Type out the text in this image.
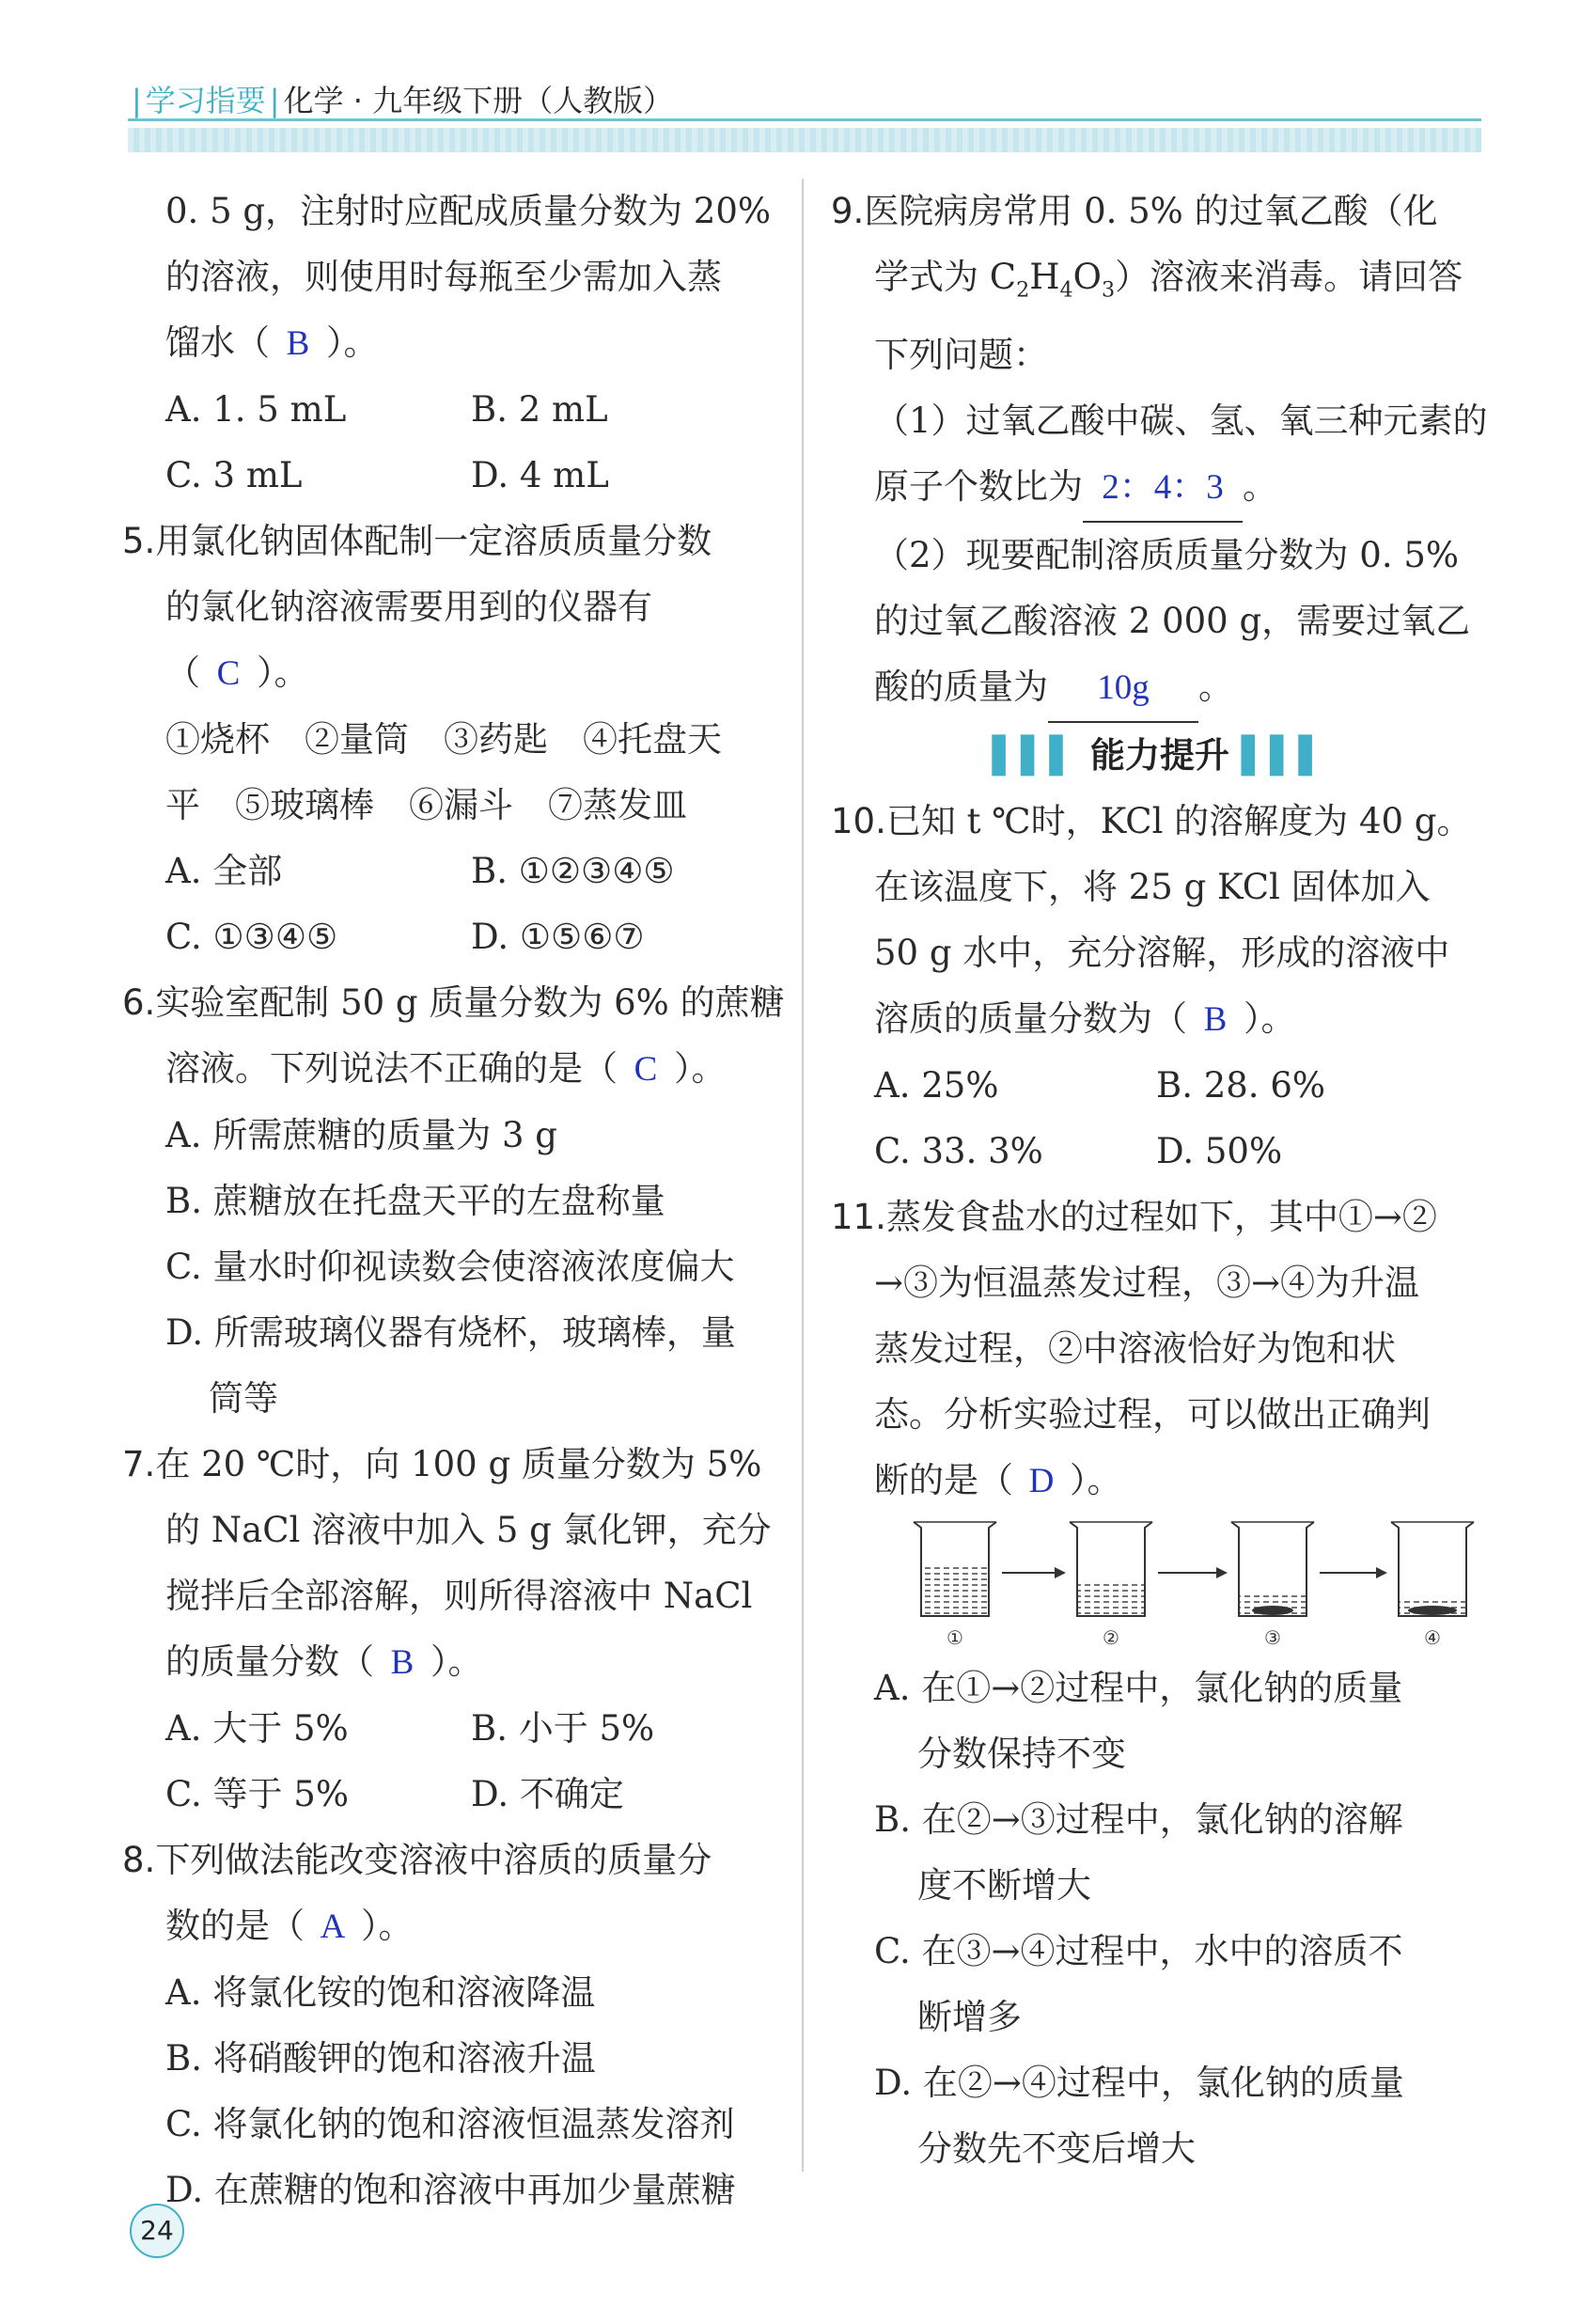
| 学习指要 | 化学 · 九年级下册（人教版）
0. 5 g，注射时应配成质量分数为 20%
的溶液，则使用时每瓶至少需加入蒸
馏水（ B ）。
A. 1. 5 mL	B. 2 mL
C. 3 mL	D. 4 mL
5.用氯化钠固体配制一定溶质质量分数
的氯化钠溶液需要用到的仪器有
（ C ）。
①烧杯　②量筒　③药匙　④托盘天
平　⑤玻璃棒　⑥漏斗　⑦蒸发皿
A. 全部	B. ①②③④⑤
C. ①③④⑤	D. ①⑤⑥⑦
6.实验室配制 50 g 质量分数为 6% 的蔗糖
溶液。下列说法不正确的是（ C ）。
A. 所需蔗糖的质量为 3 g
B. 蔗糖放在托盘天平的左盘称量
C. 量水时仰视读数会使溶液浓度偏大
D. 所需玻璃仪器有烧杯，玻璃棒，量
筒等
7.在 20 ℃时，向 100 g 质量分数为 5%
的 NaCl 溶液中加入 5 g 氯化钾，充分
搅拌后全部溶解，则所得溶液中 NaCl
的质量分数（ B ）。
A. 大于 5%	B. 小于 5%
C. 等于 5%	D. 不确定
8.下列做法能改变溶液中溶质的质量分
数的是（ A ）。
A. 将氯化铵的饱和溶液降温
B. 将硝酸钾的饱和溶液升温
C. 将氯化钠的饱和溶液恒温蒸发溶剂
D. 在蔗糖的饱和溶液中再加少量蔗糖
9.医院病房常用 0. 5% 的过氧乙酸（化
学式为 $C_2H_4O_3$）溶液来消毒。请回答
下列问题：
（1）过氧乙酸中碳、氢、氧三种元素的
原子个数比为 2：4：3 。
（2）现要配制溶质质量分数为 0. 5%
的过氧乙酸溶液 2 000 g，需要过氧乙
酸的质量为 10g 。
▌▌▌ 能力提升 ▌▌▌
10.已知 t ℃时，KCl 的溶解度为 40 g。
在该温度下，将 25 g KCl 固体加入
50 g 水中，充分溶解，形成的溶液中
溶质的质量分数为（ B ）。
A. 25%	B. 28. 6%
C. 33. 3%	D. 50%
11.蒸发食盐水的过程如下，其中①→②
→③为恒温蒸发过程，③→④为升温
蒸发过程，②中溶液恰好为饱和状
态。分析实验过程，可以做出正确判
断的是（ D ）。
①	②	③	④
A. 在①→②过程中，氯化钠的质量
分数保持不变
B. 在②→③过程中，氯化钠的溶解
度不断增大
C. 在③→④过程中，水中的溶质不
断增多
D. 在②→④过程中，氯化钠的质量
分数先不变后增大
24
